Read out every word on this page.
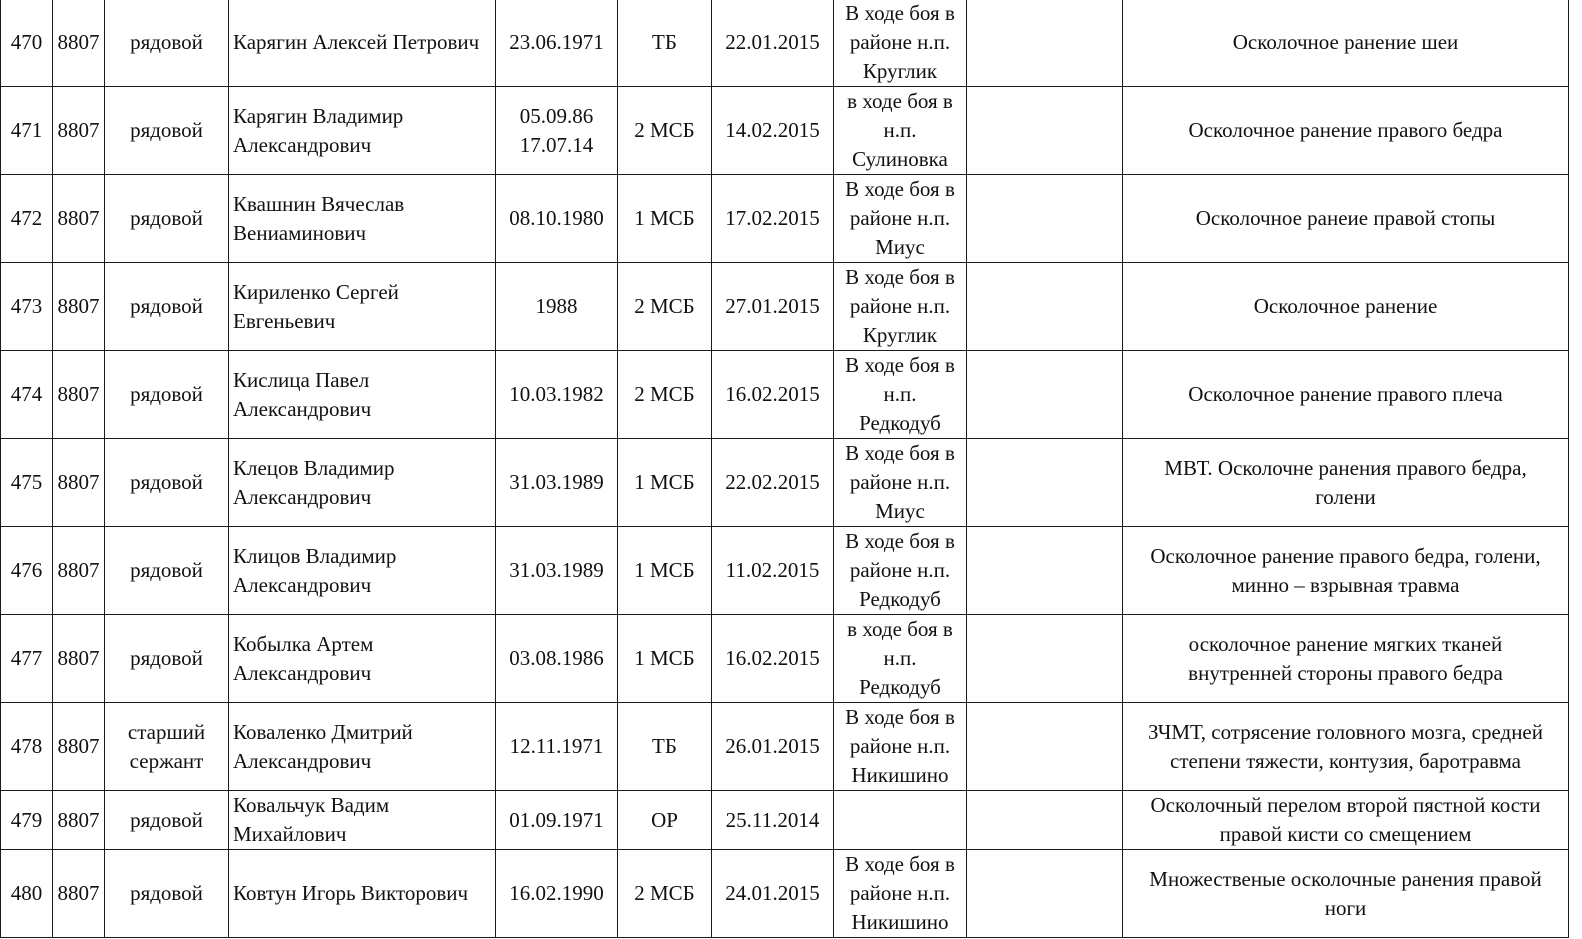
470	8807	рядовой	Карягин Алексей Петрович	23.06.1971	ТБ	22.01.2015	В ходе боя в
районе н.п.
Круглик		Осколочное ранение шеи

471	8807	рядовой	Карягин Владимир
Александрович	05.09.86
17.07.14	2 МСБ	14.02.2015	в ходе боя в
н.п.
Сулиновка		Осколочное ранение правого бедра

472	8807	рядовой	Квашнин Вячеслав
Вениаминович	08.10.1980	1 МСБ	17.02.2015	В ходе боя в
районе н.п.
Миус		Осколочное ранеие правой стопы

473	8807	рядовой	Кириленко Сергей
Евгеньевич	1988	2 МСБ	27.01.2015	В ходе боя в
районе н.п.
Круглик		Осколочное ранение

474	8807	рядовой	Кислица Павел
Александрович	10.03.1982	2 МСБ	16.02.2015	В ходе боя в
н.п.
Редкодуб		Осколочное ранение правого плеча

475	8807	рядовой	Клецов Владимир
Александрович	31.03.1989	1 МСБ	22.02.2015	В ходе боя в
районе н.п.
Миус		МВТ. Осколочне ранения правого бедра,
голени

476	8807	рядовой	Клицов Владимир
Александрович	31.03.1989	1 МСБ	11.02.2015	В ходе боя в
районе н.п.
Редкодуб		Осколочное ранение правого бедра, голени,
минно – взрывная травма

477	8807	рядовой	Кобылка Артем
Александрович	03.08.1986	1 МСБ	16.02.2015	в ходе боя в
н.п.
Редкодуб		осколочное ранение мягких тканей
внутренней стороны правого бедра

478	8807	старший
сержант	Коваленко Дмитрий
Александрович	12.11.1971	ТБ	26.01.2015	В ходе боя в
районе н.п.
Никишино		ЗЧМТ, сотрясение головного мозга, средней
степени тяжести, контузия, баротравма

479	8807	рядовой	Ковальчук Вадим
Михайлович	01.09.1971	ОР	25.11.2014			Осколочный перелом второй пястной кости
правой кисти со смещением

480	8807	рядовой	Ковтун Игорь Викторович	16.02.1990	2 МСБ	24.01.2015	В ходе боя в
районе н.п.
Никишино		Множественые осколочные ранения правой
ноги
